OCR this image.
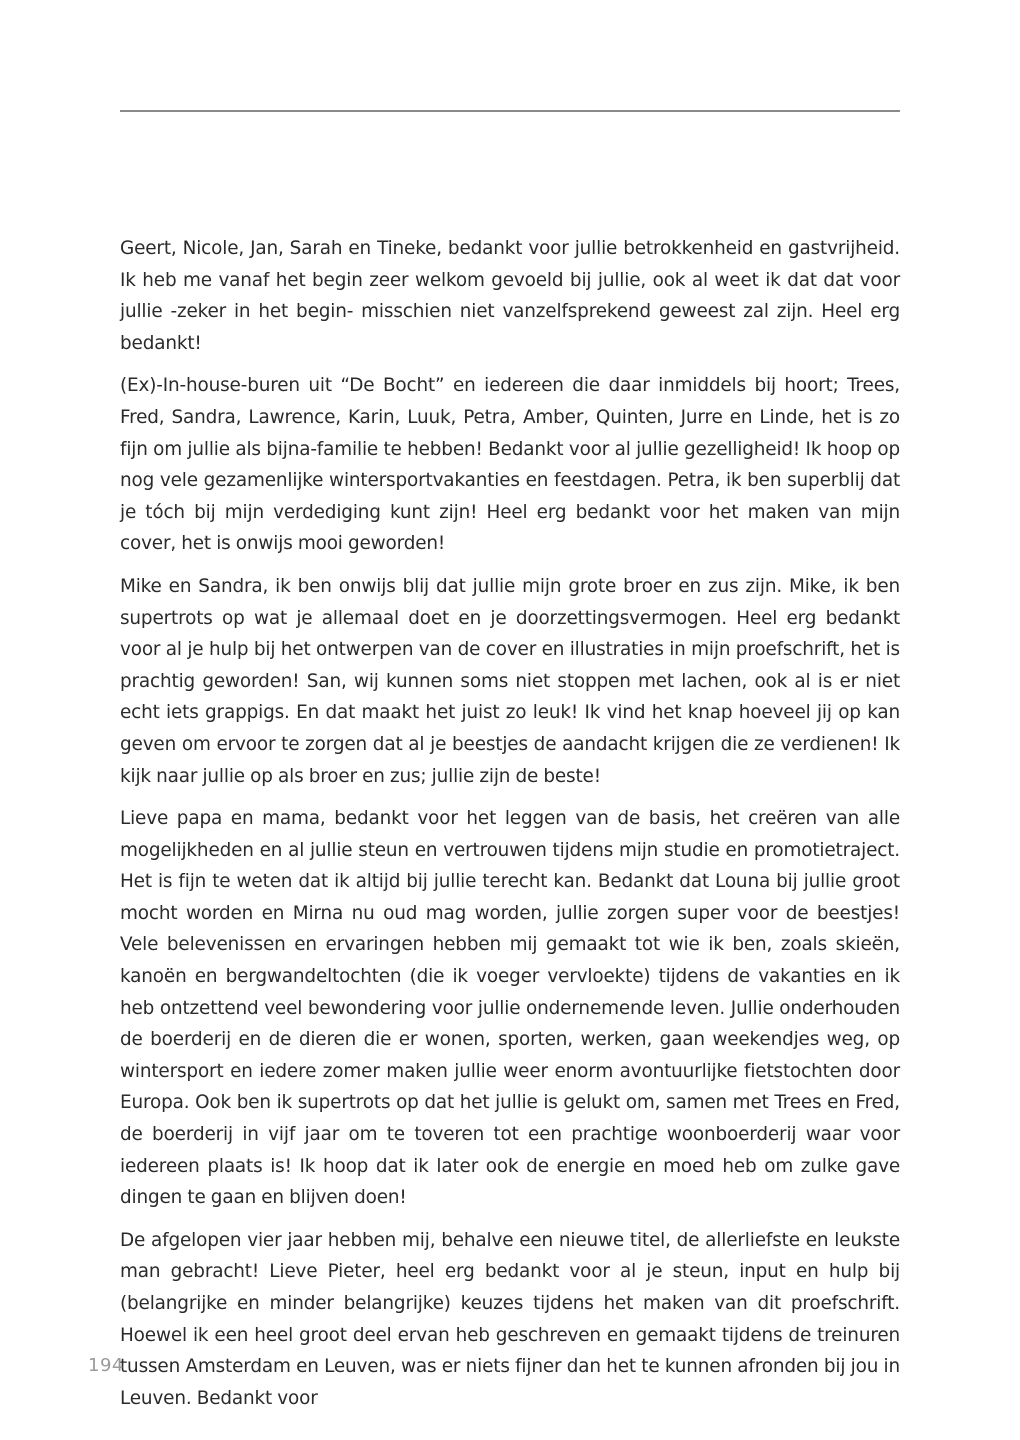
Geert, Nicole, Jan, Sarah en Tineke, bedankt voor jullie betrokkenheid en gastvrijheid. Ik heb me vanaf het begin zeer welkom gevoeld bij jullie, ook al weet ik dat dat voor jullie -zeker in het begin- misschien niet vanzelfsprekend geweest zal zijn. Heel erg bedankt!

(Ex)-In-house-buren uit “De Bocht” en iedereen die daar inmiddels bij hoort; Trees, Fred, Sandra, Lawrence, Karin, Luuk, Petra, Amber, Quinten, Jurre en Linde, het is zo fijn om jullie als bijna-familie te hebben! Bedankt voor al jullie gezelligheid! Ik hoop op nog vele gezamenlijke wintersportvakanties en feestdagen. Petra, ik ben superblij dat je tóch bij mijn verdediging kunt zijn! Heel erg bedankt voor het maken van mijn cover, het is onwijs mooi geworden!

Mike en Sandra, ik ben onwijs blij dat jullie mijn grote broer en zus zijn. Mike, ik ben supertrots op wat je allemaal doet en je doorzettingsvermogen. Heel erg bedankt voor al je hulp bij het ontwerpen van de cover en illustraties in mijn proefschrift, het is prachtig geworden! San, wij kunnen soms niet stoppen met lachen, ook al is er niet echt iets grappigs. En dat maakt het juist zo leuk! Ik vind het knap hoeveel jij op kan geven om ervoor te zorgen dat al je beestjes de aandacht krijgen die ze verdienen! Ik kijk naar jullie op als broer en zus; jullie zijn de beste!

Lieve papa en mama, bedankt voor het leggen van de basis, het creëren van alle mogelijkheden en al jullie steun en vertrouwen tijdens mijn studie en promotietraject. Het is fijn te weten dat ik altijd bij jullie terecht kan. Bedankt dat Louna bij jullie groot mocht worden en Mirna nu oud mag worden, jullie zorgen super voor de beestjes! Vele belevenissen en ervaringen hebben mij gemaakt tot wie ik ben, zoals skieën, kanoën en bergwandeltochten (die ik voeger vervloekte) tijdens de vakanties en ik heb ontzettend veel bewondering voor jullie ondernemende leven. Jullie onderhouden de boerderij en de dieren die er wonen, sporten, werken, gaan weekendjes weg, op wintersport en iedere zomer maken jullie weer enorm avontuurlijke fietstochten door Europa. Ook ben ik supertrots op dat het jullie is gelukt om, samen met Trees en Fred, de boerderij in vijf jaar om te toveren tot een prachtige woonboerderij waar voor iedereen plaats is! Ik hoop dat ik later ook de energie en moed heb om zulke gave dingen te gaan en blijven doen!

De afgelopen vier jaar hebben mij, behalve een nieuwe titel, de allerliefste en leukste man gebracht! Lieve Pieter, heel erg bedankt voor al je steun, input en hulp bij (belangrijke en minder belangrijke) keuzes tijdens het maken van dit proefschrift. Hoewel ik een heel groot deel ervan heb geschreven en gemaakt tijdens de treinuren tussen Amsterdam en Leuven, was er niets fijner dan het te kunnen afronden bij jou in Leuven. Bedankt voor

194
